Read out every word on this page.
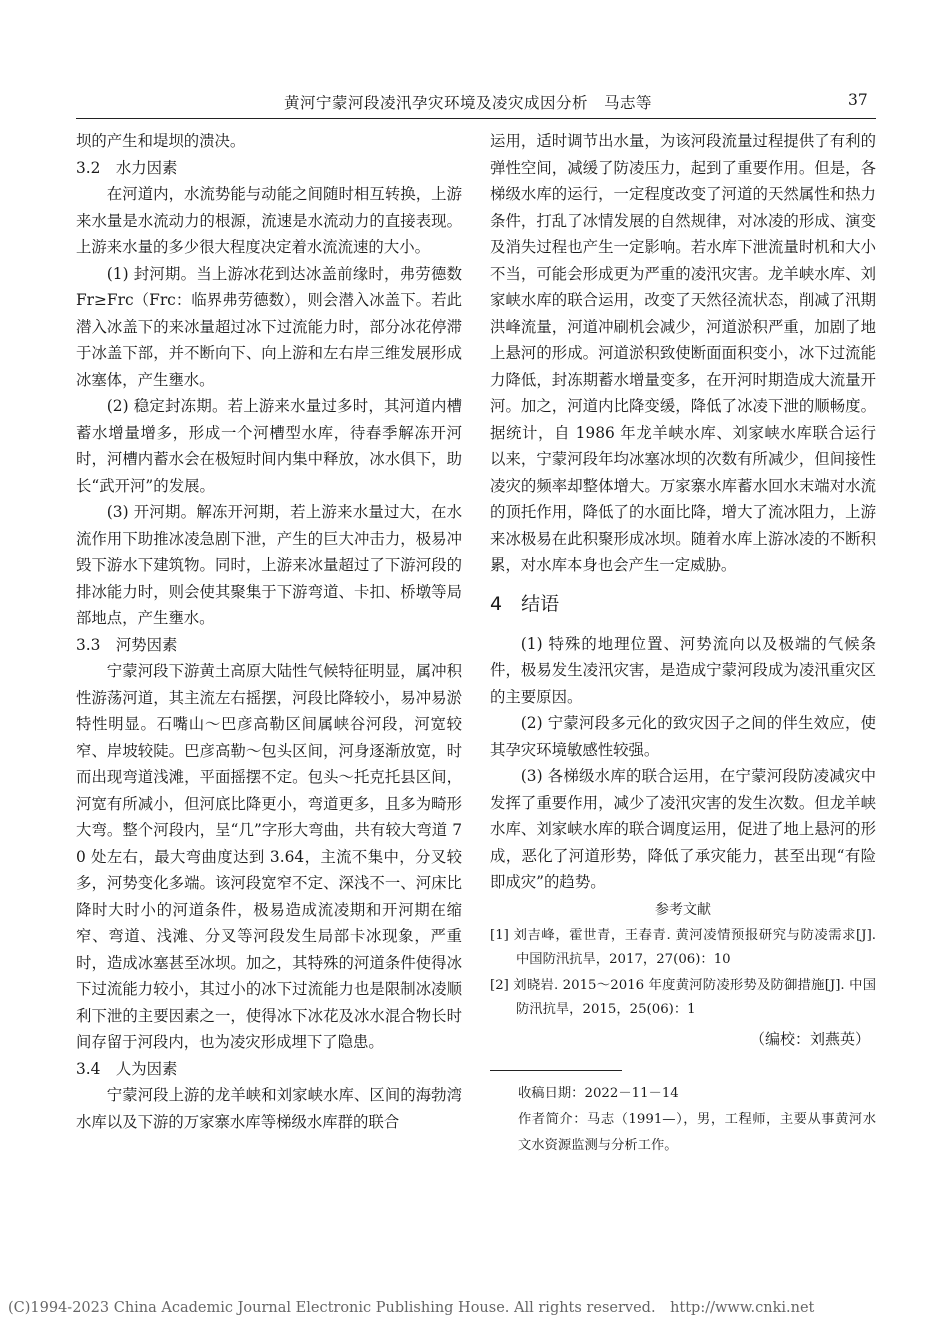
黄河宁蒙河段凌汛孕灾环境及凌灾成因分析　马志等	37

坝的产生和堤坝的溃决。

3.2　水力因素

在河道内，水流势能与动能之间随时相互转换，上游来水量是水流动力的根源，流速是水流动力的直接表现。上游来水量的多少很大程度决定着水流流速的大小。

(1) 封河期。当上游冰花到达冰盖前缘时，弗劳德数 Fr≥Frc（Frc：临界弗劳德数），则会潜入冰盖下。若此潜入冰盖下的来冰量超过冰下过流能力时，部分冰花停滞于冰盖下部，并不断向下、向上游和左右岸三维发展形成冰塞体，产生壅水。

(2) 稳定封冻期。若上游来水量过多时，其河道内槽蓄水增量增多，形成一个河槽型水库，待春季解冻开河时，河槽内蓄水会在极短时间内集中释放，冰水俱下，助长“武开河”的发展。

(3) 开河期。解冻开河期，若上游来水量过大，在水流作用下助推冰凌急剧下泄，产生的巨大冲击力，极易冲毁下游水下建筑物。同时，上游来冰量超过了下游河段的排冰能力时，则会使其聚集于下游弯道、卡扣、桥墩等局部地点，产生壅水。

3.3　河势因素

宁蒙河段下游黄土高原大陆性气候特征明显，属冲积性游荡河道，其主流左右摇摆，河段比降较小，易冲易淤特性明显。石嘴山～巴彦高勒区间属峡谷河段，河宽较窄、岸坡较陡。巴彦高勒～包头区间，河身逐渐放宽，时而出现弯道浅滩，平面摇摆不定。包头～托克托县区间，河宽有所减小，但河底比降更小，弯道更多，且多为畸形大弯。整个河段内，呈“几”字形大弯曲，共有较大弯道 70 处左右，最大弯曲度达到 3.64，主流不集中，分叉较多，河势变化多端。该河段宽窄不定、深浅不一、河床比降时大时小的河道条件，极易造成流凌期和开河期在缩窄、弯道、浅滩、分叉等河段发生局部卡冰现象，严重时，造成冰塞甚至冰坝。加之，其特殊的河道条件使得冰下过流能力较小，其过小的冰下过流能力也是限制冰凌顺利下泄的主要因素之一，使得冰下冰花及冰水混合物长时间存留于河段内，也为凌灾形成埋下了隐患。

3.4　人为因素

宁蒙河段上游的龙羊峡和刘家峡水库、区间的海勃湾水库以及下游的万家寨水库等梯级水库群的联合

运用，适时调节出水量，为该河段流量过程提供了有利的弹性空间，减缓了防凌压力，起到了重要作用。但是，各梯级水库的运行，一定程度改变了河道的天然属性和热力条件，打乱了冰情发展的自然规律，对冰凌的形成、演变及消失过程也产生一定影响。若水库下泄流量时机和大小不当，可能会形成更为严重的凌汛灾害。龙羊峡水库、刘家峡水库的联合运用，改变了天然径流状态，削减了汛期洪峰流量，河道冲刷机会减少，河道淤积严重，加剧了地上悬河的形成。河道淤积致使断面面积变小，冰下过流能力降低，封冻期蓄水增量变多，在开河时期造成大流量开河。加之，河道内比降变缓，降低了冰凌下泄的顺畅度。据统计，自 1986 年龙羊峡水库、刘家峡水库联合运行以来，宁蒙河段年均冰塞冰坝的次数有所减少，但间接性凌灾的频率却整体增大。万家寨水库蓄水回水末端对水流的顶托作用，降低了的水面比降，增大了流冰阻力，上游来冰极易在此积聚形成冰坝。随着水库上游冰凌的不断积累，对水库本身也会产生一定威胁。

4　结语

(1) 特殊的地理位置、河势流向以及极端的气候条件，极易发生凌汛灾害，是造成宁蒙河段成为凌汛重灾区的主要原因。

(2) 宁蒙河段多元化的致灾因子之间的伴生效应，使其孕灾环境敏感性较强。

(3) 各梯级水库的联合运用，在宁蒙河段防凌减灾中发挥了重要作用，减少了凌汛灾害的发生次数。但龙羊峡水库、刘家峡水库的联合调度运用，促进了地上悬河的形成，恶化了河道形势，降低了承灾能力，甚至出现“有险即成灾”的趋势。

参考文献

[1] 刘吉峰，霍世青，王春青. 黄河凌情预报研究与防凌需求[J]. 中国防汛抗旱，2017，27(06)：10

[2] 刘晓岩. 2015～2016 年度黄河防凌形势及防御措施[J]. 中国防汛抗旱，2015，25(06)：1

（编校：刘燕英）

收稿日期：2022－11－14

作者简介：马志（1991—），男，工程师，主要从事黄河水文水资源监测与分析工作。

(C)1994-2023 China Academic Journal Electronic Publishing House. All rights reserved.　http://www.cnki.net
